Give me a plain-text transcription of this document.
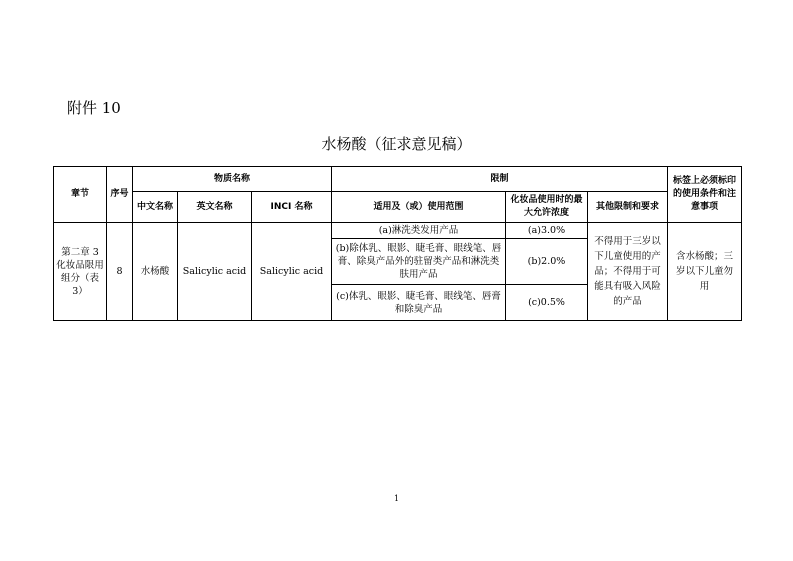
附件 10
水杨酸（征求意见稿）
章节	序号	物质名称			限制			标签上必须标印的使用条件和注意事项
		中文名称	英文名称	INCI 名称	适用及（或）使用范围	化妆品使用时的最大允许浓度	其他限制和要求	
第二章 3 化妆品限用组分（表 3）	8	水杨酸	Salicylic acid	Salicylic acid	(a)淋洗类发用产品	(a)3.0%	不得用于三岁以下儿童使用的产品；不得用于可能具有吸入风险的产品	含水杨酸；三岁以下儿童勿用
					(b)除体乳、眼影、睫毛膏、眼线笔、唇膏、除臭产品外的驻留类产品和淋洗类肤用产品	(b)2.0%		
					(c)体乳、眼影、睫毛膏、眼线笔、唇膏和除臭产品	(c)0.5%		
1
